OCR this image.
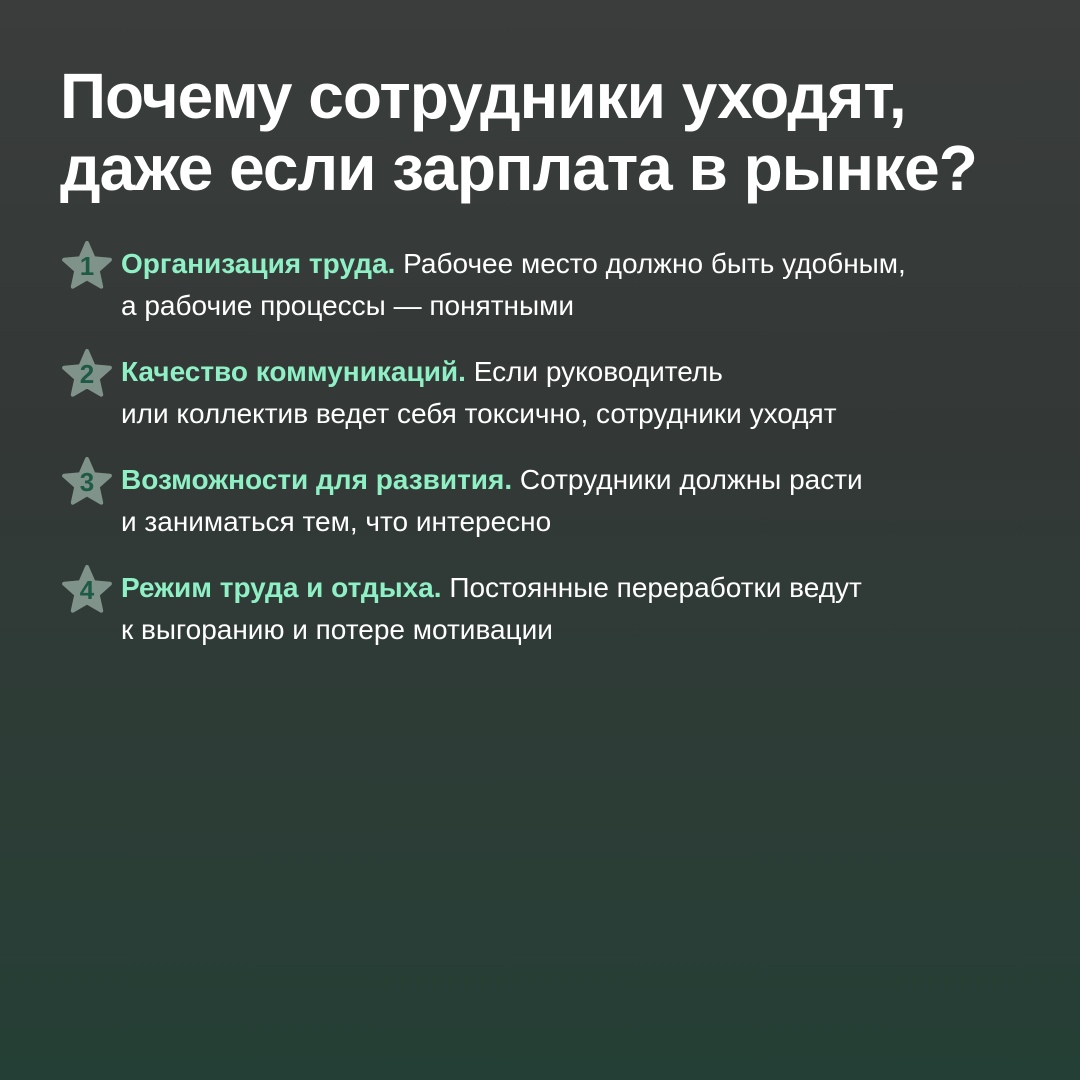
Почему сотрудники уходят,
даже если зарплата в рынке?
1 Организация труда. Рабочее место должно быть удобным,
а рабочие процессы — понятными
2 Качество коммуникаций. Если руководитель
или коллектив ведет себя токсично, сотрудники уходят
3 Возможности для развития. Сотрудники должны расти
и заниматься тем, что интересно
4 Режим труда и отдыха. Постоянные переработки ведут
к выгоранию и потере мотивации
